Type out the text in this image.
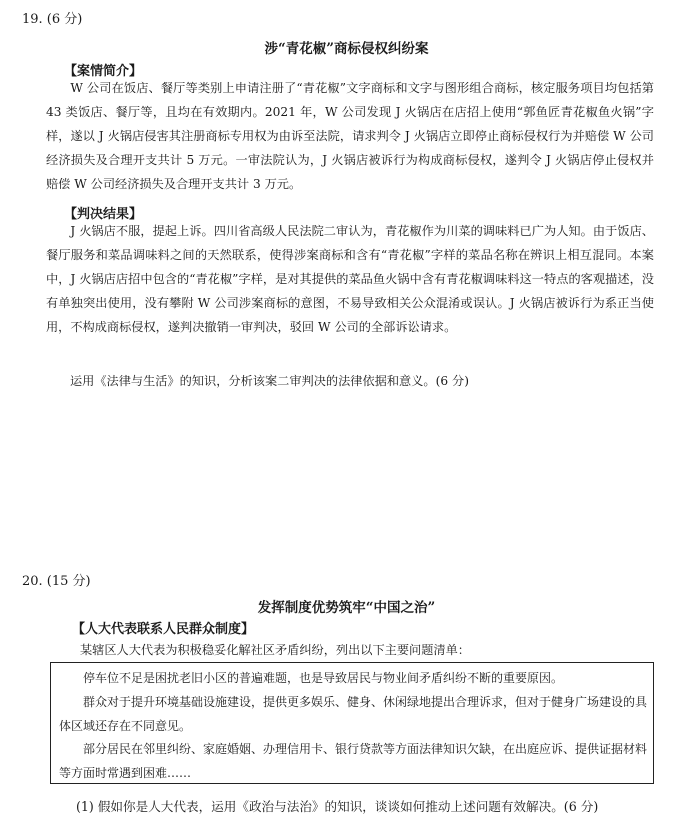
19. (6 分)
涉“青花椒”商标侵权纠纷案
【案情简介】
W 公司在饭店、餐厅等类别上申请注册了“青花椒”文字商标和文字与图形组合商标，核定服务项目均包括第 43 类饭店、餐厅等，且均在有效期内。2021 年，W 公司发现 J 火锅店在店招上使用“郭鱼匠青花椒鱼火锅”字样，遂以 J 火锅店侵害其注册商标专用权为由诉至法院，请求判令 J 火锅店立即停止商标侵权行为并赔偿 W 公司经济损失及合理开支共计 5 万元。一审法院认为，J 火锅店被诉行为构成商标侵权，遂判令 J 火锅店停止侵权并赔偿 W 公司经济损失及合理开支共计 3 万元。
【判决结果】
J 火锅店不服，提起上诉。四川省高级人民法院二审认为，青花椒作为川菜的调味料已广为人知。由于饭店、餐厅服务和菜品调味料之间的天然联系，使得涉案商标和含有“青花椒”字样的菜品名称在辨识上相互混同。本案中，J 火锅店店招中包含的“青花椒”字样，是对其提供的菜品鱼火锅中含有青花椒调味料这一特点的客观描述，没有单独突出使用，没有攀附 W 公司涉案商标的意图，不易导致相关公众混淆或误认。J 火锅店被诉行为系正当使用，不构成商标侵权，遂判决撤销一审判决，驳回 W 公司的全部诉讼请求。
运用《法律与生活》的知识，分析该案二审判决的法律依据和意义。(6 分)
20. (15 分)
发挥制度优势筑牢“中国之治”
【人大代表联系人民群众制度】
某辖区人大代表为积极稳妥化解社区矛盾纠纷，列出以下主要问题清单：
停车位不足是困扰老旧小区的普遍难题，也是导致居民与物业间矛盾纠纷不断的重要原因。
群众对于提升环境基础设施建设，提供更多娱乐、健身、休闲绿地提出合理诉求，但对于健身广场建设的具体区域还存在不同意见。
部分居民在邻里纠纷、家庭婚姻、办理信用卡、银行贷款等方面法律知识欠缺，在出庭应诉、提供证据材料等方面时常遇到困难……
(1) 假如你是人大代表，运用《政治与法治》的知识，谈谈如何推动上述问题有效解决。(6 分)
